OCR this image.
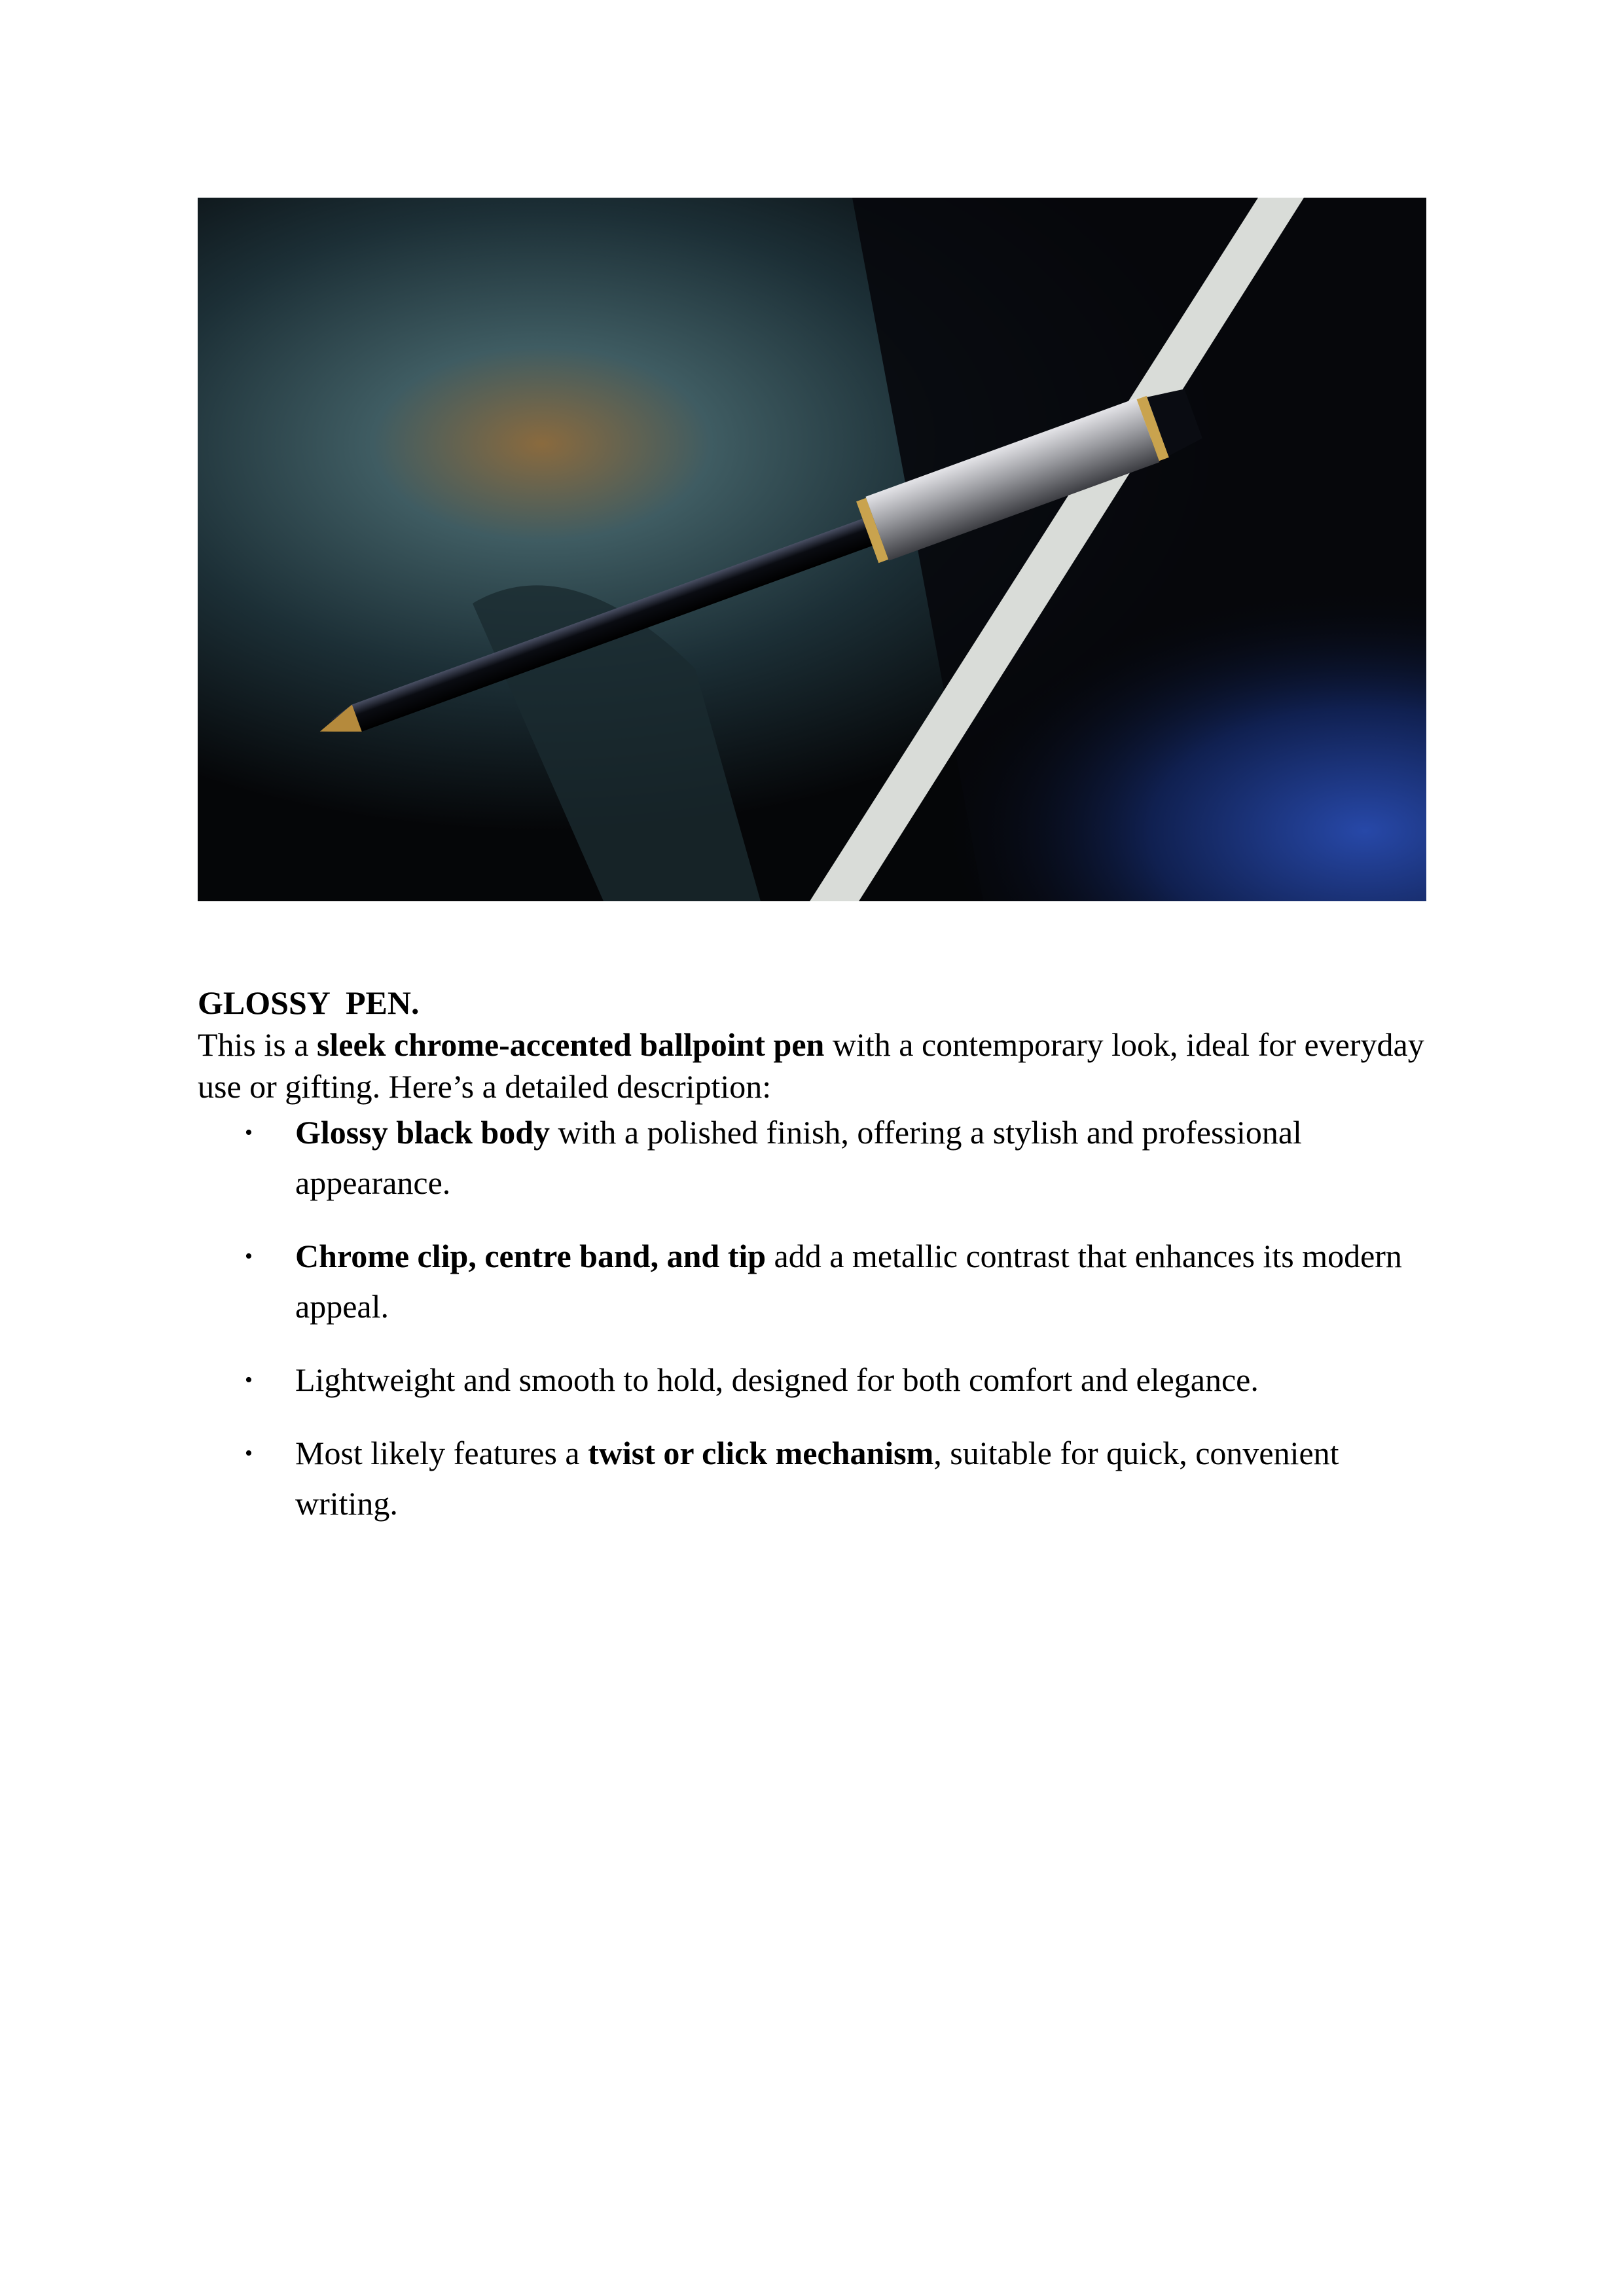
GLOSSY  PEN.

This is a sleek chrome-accented ballpoint pen with a contemporary look, ideal for everyday use or gifting. Here’s a detailed description:

• Glossy black body with a polished finish, offering a stylish and professional appearance.
• Chrome clip, centre band, and tip add a metallic contrast that enhances its modern appeal.
• Lightweight and smooth to hold, designed for both comfort and elegance.
• Most likely features a twist or click mechanism, suitable for quick, convenient writing.
